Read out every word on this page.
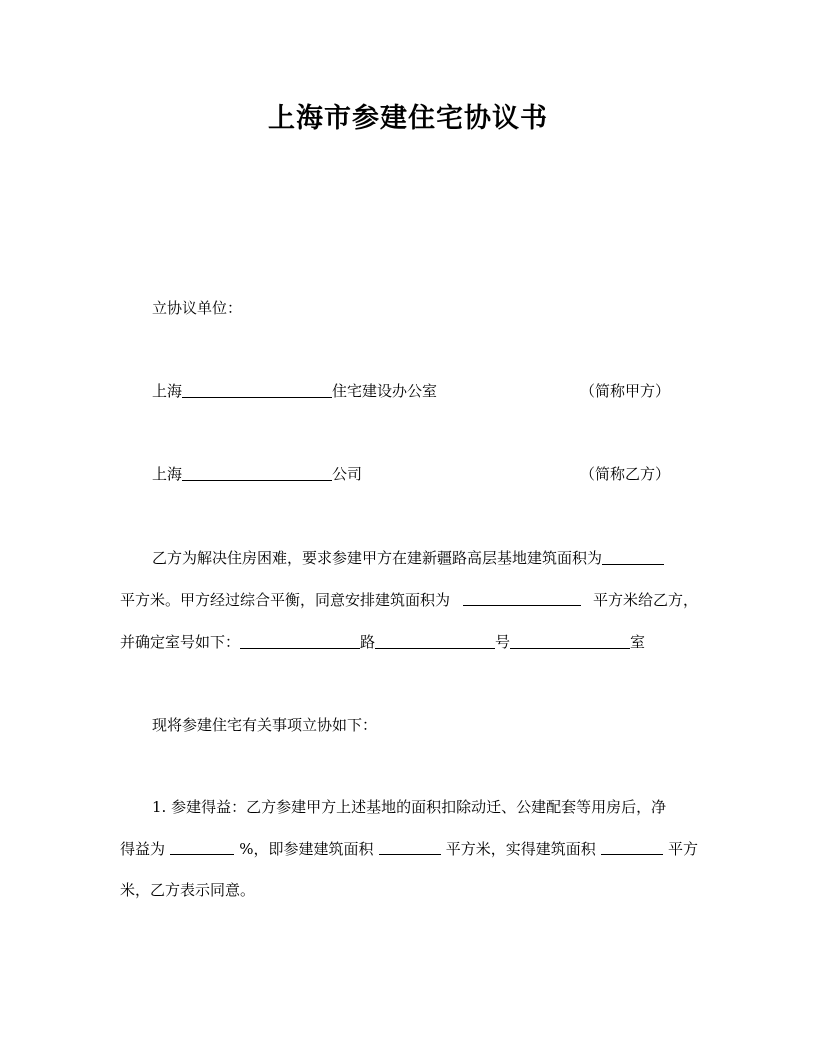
上海市参建住宅协议书
立协议单位：
上海	住宅建设办公室	（简称甲方）
上海	公司	（简称乙方）
乙方为解决住房困难，要求参建甲方在建新疆路高层基地建筑面积为
平方米。甲方经过综合平衡，同意安排建筑面积为	平方米给乙方，
并确定室号如下：	路	号	室
现将参建住宅有关事项立协如下：
1. 参建得益：乙方参建甲方上述基地的面积扣除动迁、公建配套等用房后，净
得益为	%，即参建建筑面积	平方米，实得建筑面积	平方
米，乙方表示同意。
